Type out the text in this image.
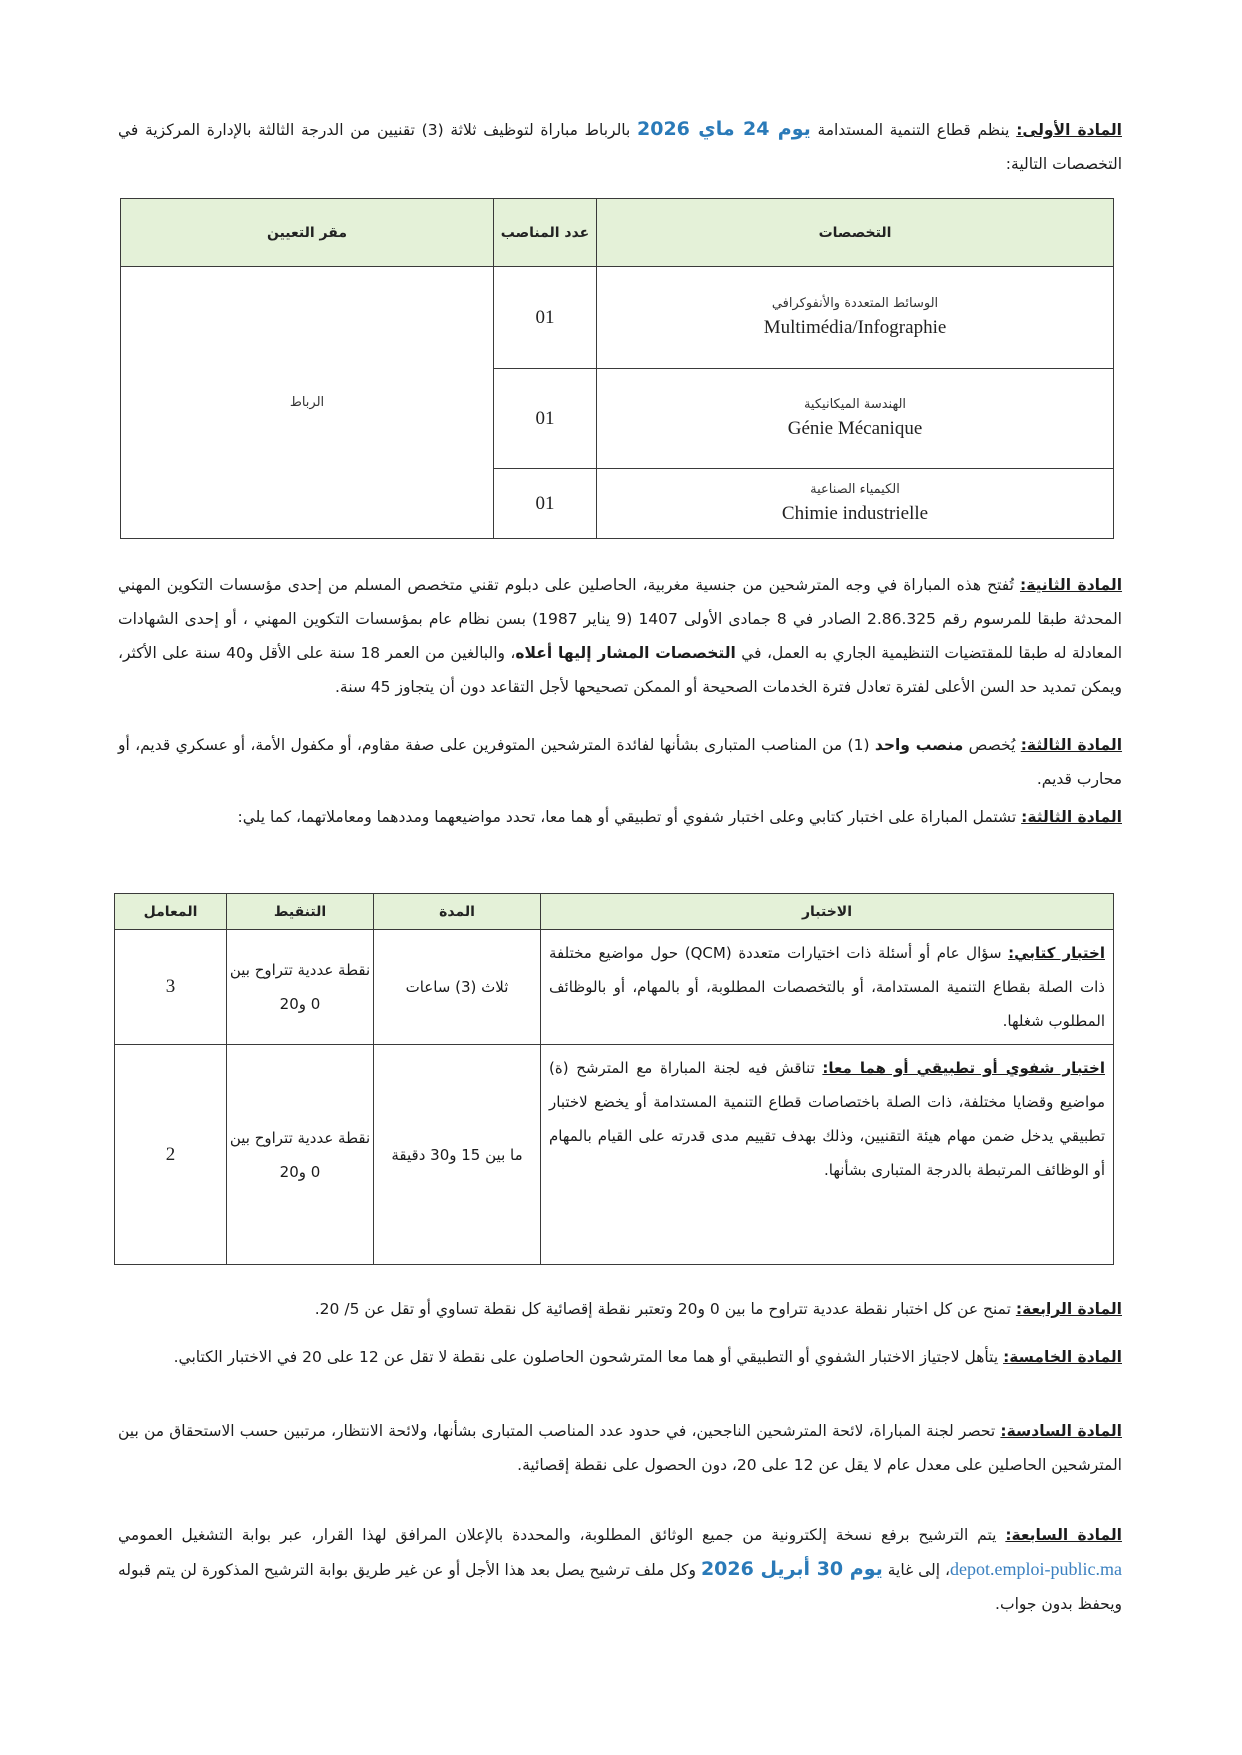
المادة الأولى: ينظم قطاع التنمية المستدامة يوم 24 ماي 2026 بالرباط مباراة لتوظيف ثلاثة (3) تقنيين من الدرجة الثالثة بالإدارة المركزية في التخصصات التالية:
التخصصات	عدد المناصب	مقر التعيين

الوسائط المتعددة والأنفوكرافي
Multimédia/Infographie	01	الرباط

الهندسة الميكانيكية
Génie Mécanique	01	

الكيمياء الصناعية
Chimie industrielle	01	
المادة الثانية: تُفتح هذه المباراة في وجه المترشحين من جنسية مغربية، الحاصلين على دبلوم تقني متخصص المسلم من إحدى مؤسسات التكوين المهني المحدثة طبقا للمرسوم رقم 2.86.325 الصادر في 8 جمادى الأولى 1407 (9 يناير 1987) بسن نظام عام بمؤسسات التكوين المهني ، أو إحدى الشهادات المعادلة له طبقا للمقتضيات التنظيمية الجاري به العمل، في التخصصات المشار إليها أعلاه، والبالغين من العمر 18 سنة على الأقل و40 سنة على الأكثر، ويمكن تمديد حد السن الأعلى لفترة تعادل فترة الخدمات الصحيحة أو الممكن تصحيحها لأجل التقاعد دون أن يتجاوز 45 سنة.
المادة الثالثة: يُخصص منصب واحد (1) من المناصب المتبارى بشأنها لفائدة المترشحين المتوفرين على صفة مقاوم، أو مكفول الأمة، أو عسكري قديم، أو محارب قديم.
المادة الثالثة: تشتمل المباراة على اختبار كتابي وعلى اختبار شفوي أو تطبيقي أو هما معا، تحدد مواضيعهما ومددهما ومعاملاتهما، كما يلي:
الاختبار	المدة	التنقيط	المعامل
اختبار كتابي: سؤال عام أو أسئلة ذات اختيارات متعددة (QCM) حول مواضيع مختلفة ذات الصلة بقطاع التنمية المستدامة، أو بالتخصصات المطلوبة، أو بالمهام، أو بالوظائف المطلوب شغلها.	ثلاث (3) ساعات	نقطة عددية تتراوح بين 0 و20	3
اختبار شفوي أو تطبيقي أو هما معا: تناقش فيه لجنة المباراة مع المترشح (ة) مواضيع وقضايا مختلفة، ذات الصلة باختصاصات قطاع التنمية المستدامة أو يخضع لاختبار تطبيقي يدخل ضمن مهام هيئة التقنيين، وذلك بهدف تقييم مدى قدرته على القيام بالمهام أو الوظائف المرتبطة بالدرجة المتبارى بشأنها.	ما بين 15 و30 دقيقة	نقطة عددية تتراوح بين 0 و20	2
المادة الرابعة: تمنح عن كل اختبار نقطة عددية تتراوح ما بين 0 و20 وتعتبر نقطة إقصائية كل نقطة تساوي أو تقل عن 5/ 20.
المادة الخامسة: يتأهل لاجتياز الاختبار الشفوي أو التطبيقي أو هما معا المترشحون الحاصلون على نقطة لا تقل عن 12 على 20 في الاختبار الكتابي.
المادة السادسة: تحصر لجنة المباراة، لائحة المترشحين الناجحين، في حدود عدد المناصب المتبارى بشأنها، ولائحة الانتظار، مرتبين حسب الاستحقاق من بين المترشحين الحاصلين على معدل عام لا يقل عن 12 على 20، دون الحصول على نقطة إقصائية.
المادة السابعة: يتم الترشيح برفع نسخة إلكترونية من جميع الوثائق المطلوبة، والمحددة بالإعلان المرافق لهذا القرار، عبر بوابة التشغيل العمومي depot.emploi-public.ma، إلى غاية يوم 30 أبريل 2026 وكل ملف ترشيح يصل بعد هذا الأجل أو عن غير طريق بوابة الترشيح المذكورة لن يتم قبوله ويحفظ بدون جواب.
